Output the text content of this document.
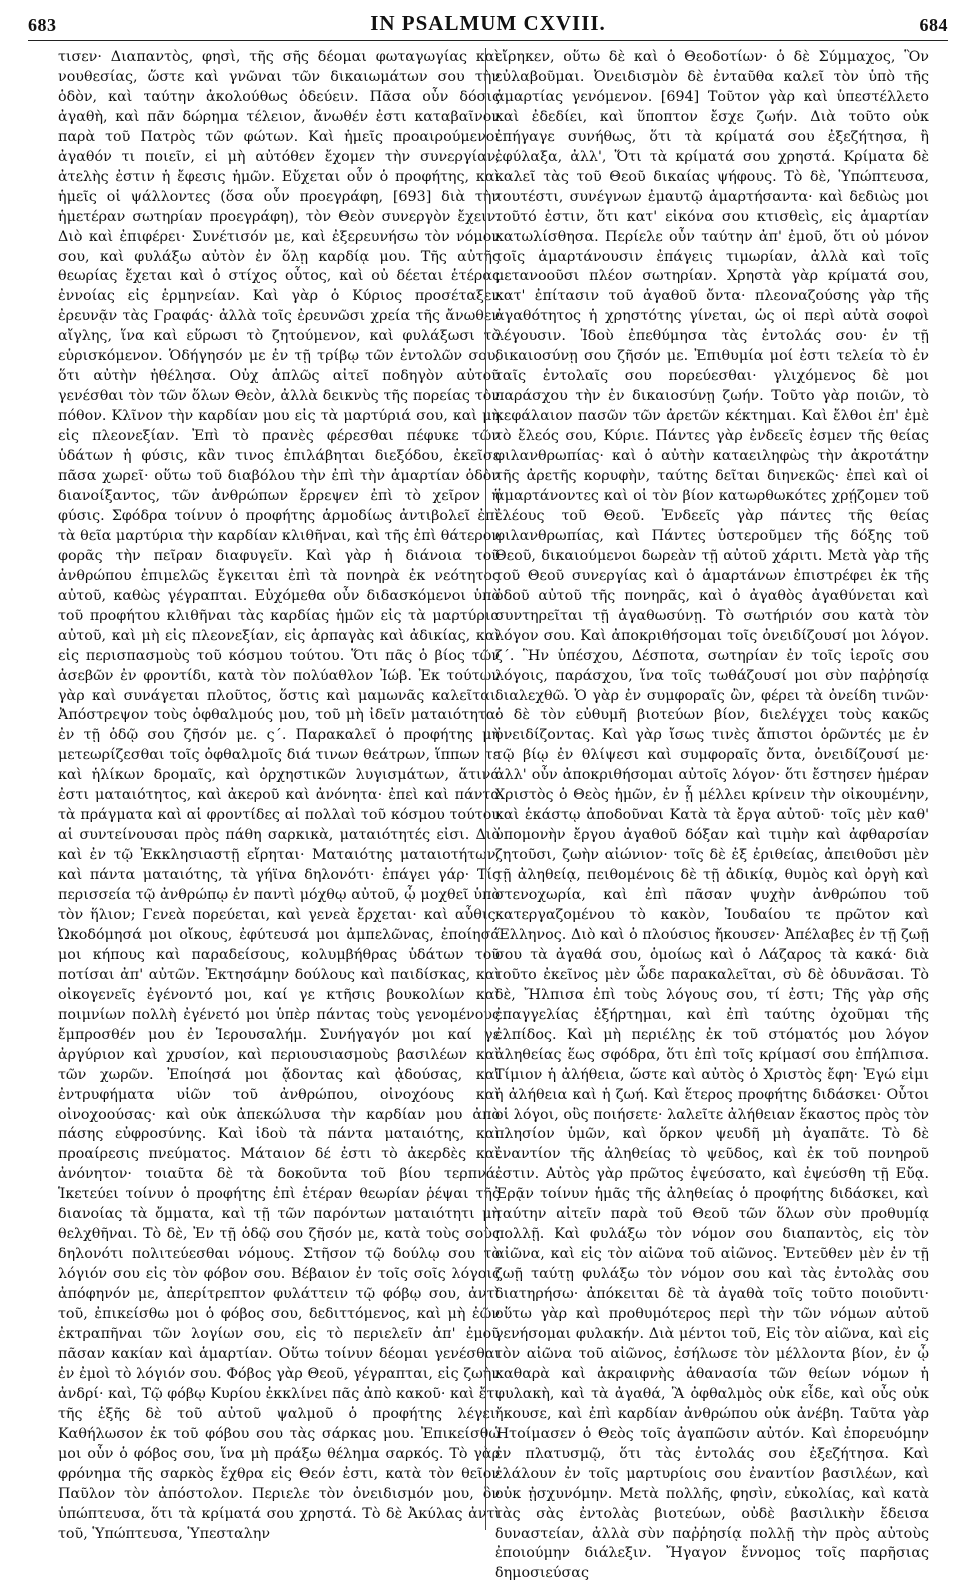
683	IN PSALMUM CXVIII.	684

τισεν· Διαπαντὸς, φησὶ, τῆς σῆς δέομαι φωταγωγίας καὶ νουθεσίας, ὥστε καὶ γνῶναι τῶν δικαιωμάτων σου τὴν ὁδὸν, καὶ ταύτην ἀκολούθως ὁδεύειν. Πᾶσα οὖν δόσις ἀγαθὴ, καὶ πᾶν δώρημα τέλειον, ἄνωθέν ἐστι καταβαῖνον παρὰ τοῦ Πατρὸς τῶν φώτων. Καὶ ἡμεῖς προαιρούμενοι ἀγαθόν τι ποιεῖν, εἰ μὴ αὐτόθεν ἔχομεν τὴν συνεργίαν, ἀτελὴς ἐστιν ἡ ἔφεσις ἡμῶν. Εὔχεται οὖν ὁ προφήτης, καὶ ἡμεῖς οἱ ψάλλοντες (ὅσα οὖν προεγράφη, [693] διὰ τὴν ἡμετέραν σωτηρίαν προεγράφη), τὸν Θεὸν συνεργὸν ἔχειν. Διὸ καὶ ἐπιφέρει· Συνέτισόν με, καὶ ἐξερευνήσω τὸν νόμον σου, καὶ φυλάξω αὐτὸν ἐν ὅλῃ καρδίᾳ μου. Τῆς αὐτῆς θεωρίας ἔχεται καὶ ὁ στίχος οὗτος, καὶ οὐ δέεται ἑτέρας ἐννοίας εἰς ἑρμηνείαν. Καὶ γὰρ ὁ Κύριος προσέταξεν ἐρευνᾷν τὰς Γραφάς· ἀλλὰ τοῖς ἐρευνῶσι χρεία τῆς ἄνωθεν αἴγλης, ἵνα καὶ εὕρωσι τὸ ζητούμενον, καὶ φυλάξωσι τὸ εὑρισκόμενον. Ὁδήγησόν με ἐν τῇ τρίβῳ τῶν ἐντολῶν σου, ὅτι αὐτὴν ἠθέλησα. Οὐχ ἁπλῶς αἰτεῖ ποδηγὸν αὐτοῦ γενέσθαι τὸν τῶν ὅλων Θεὸν, ἀλλὰ δεικνὺς τῆς πορείας τὸν πόθον. Κλῖνον τὴν καρδίαν μου εἰς τὰ μαρτύριά σου, καὶ μὴ εἰς πλεονεξίαν. Ἐπὶ τὸ πρανὲς φέρεσθαι πέφυκε τῶν ὑδάτων ἡ φύσις, κἂν τινος ἐπιλάβηται διεξόδου, ἐκεῖσε πᾶσα χωρεῖ· οὕτω τοῦ διαβόλου τὴν ἐπὶ τὴν ἁμαρτίαν ὁδὸν διανοίξαντος, τῶν ἀνθρώπων ἔρρεψεν ἐπὶ τὸ χεῖρον ἡ φύσις. Σφόδρα τοίνυν ὁ προφήτης ἁρμοδίως ἀντιβολεῖ ἐπὶ τὰ θεῖα μαρτύρια τὴν καρδίαν κλιθῆναι, καὶ τῆς ἐπὶ θάτερον φορᾶς τὴν πεῖραν διαφυγεῖν. Καὶ γὰρ ἡ διάνοια τοῦ ἀνθρώπου ἐπιμελῶς ἔγκειται ἐπὶ τὰ πονηρὰ ἐκ νεότητος αὐτοῦ, καθὼς γέγραπται. Εὐχόμεθα οὖν διδασκόμενοι ὑπὸ τοῦ προφήτου κλιθῆναι τὰς καρδίας ἡμῶν εἰς τὰ μαρτύρια αὐτοῦ, καὶ μὴ εἰς πλεονεξίαν, εἰς ἁρπαγὰς καὶ ἀδικίας, καὶ εἰς περισπασμοὺς τοῦ κόσμου τούτου. Ὅτι πᾶς ὁ βίος τῶν ἀσεβῶν ἐν φροντίδι, κατὰ τὸν πολύαθλον Ἰώβ. Ἐκ τούτων γὰρ καὶ συνάγεται πλοῦτος, ὅστις καὶ μαμωνᾶς καλεῖται. Ἀπόστρεψον τοὺς ὀφθαλμούς μου, τοῦ μὴ ἰδεῖν ματαιότητα· ἐν τῇ ὁδῷ σου ζῆσόν με. ς΄. Παρακαλεῖ ὁ προφήτης μὴ μετεωρίζεσθαι τοῖς ὀφθαλμοῖς διά τινων θεάτρων, ἵππων τε καὶ ἡλίκων δρομαῖς, καὶ ὀρχηστικῶν λυγισμάτων, ἅτινά ἐστι ματαιότητος, καὶ ἀκεροῦ καὶ ἀνόνητα· ἐπεὶ καὶ πάντα τὰ πράγματα καὶ αἱ φροντίδες αἱ πολλαὶ τοῦ κόσμου τούτου αἱ συντείνουσαι πρὸς πάθη σαρκικὰ, ματαιότητές εἰσι. Διὸ καὶ ἐν τῷ Ἐκκλησιαστῇ εἴρηται· Ματαιότης ματαιοτήτων, καὶ πάντα ματαιότης, τὰ γήϊνα δηλονότι· ἐπάγει γάρ· Τίς περισσεία τῷ ἀνθρώπῳ ἐν παντὶ μόχθῳ αὐτοῦ, ᾧ μοχθεῖ ὑπὸ τὸν ἥλιον; Γενεὰ πορεύεται, καὶ γενεὰ ἔρχεται· καὶ αὖθις· Ὠκοδόμησά μοι οἴκους, ἐφύτευσά μοι ἀμπελῶνας, ἐποίησά μοι κήπους καὶ παραδείσους, κολυμβήθρας ὑδάτων τοῦ ποτίσαι ἀπ' αὐτῶν. Ἐκτησάμην δούλους καὶ παιδίσκας, καὶ οἰκογενεῖς ἐγένοντό μοι, καί γε κτῆσις βουκολίων καὶ ποιμνίων πολλὴ ἐγένετό μοι ὑπὲρ πάντας τοὺς γενομένους ἔμπροσθέν μου ἐν Ἱερουσαλήμ. Συνήγαγόν μοι καί γε ἀργύριον καὶ χρυσίον, καὶ περιουσιασμοὺς βασιλέων καὶ τῶν χωρῶν. Ἐποίησά μοι ᾄδοντας καὶ ᾀδούσας, καὶ ἐντρυφήματα υἱῶν τοῦ ἀνθρώπου, οἰνοχόους καὶ οἰνοχοούσας· καὶ οὐκ ἀπεκώλυσα τὴν καρδίαν μου ἀπὸ πάσης εὐφροσύνης. Καὶ ἰδοὺ τὰ πάντα ματαιότης, καὶ προαίρεσις πνεύματος. Μάταιον δέ ἐστι τὸ ἀκερδὲς καὶ ἀνόνητον· τοιαῦτα δὲ τὰ δοκοῦντα τοῦ βίου τερπνά. Ἱκετεύει τοίνυν ὁ προφήτης ἐπὶ ἑτέραν θεωρίαν ῥέψαι τῆς διανοίας τὰ ὄμματα, καὶ τῇ τῶν παρόντων ματαιότητι μὴ θελχθῆναι. Τὸ δὲ, Ἐν τῇ ὁδῷ σου ζῆσόν με, κατὰ τοὺς σοὺς δηλονότι πολιτεύεσθαι νόμους. Στῆσον τῷ δούλῳ σου τὸ λόγιόν σου εἰς τὸν φόβον σου. Βέβαιον ἐν τοῖς σοῖς λόγοις ἀπόφηνόν με, ἀπερίτρεπτον φυλάττειν τῷ φόβῳ σου, ἀντὶ τοῦ, ἐπικείσθω μοι ὁ φόβος σου, δεδιττόμενος, καὶ μὴ ἐῶν ἐκτραπῆναι τῶν λογίων σου, εἰς τὸ περιελεῖν ἀπ' ἐμοῦ πᾶσαν κακίαν καὶ ἁμαρτίαν. Οὕτω τοίνυν δέομαι γενέσθαι ἐν ἐμοὶ τὸ λόγιόν σου. Φόβος γὰρ Θεοῦ, γέγραπται, εἰς ζωὴν ἀνδρί· καὶ, Τῷ φόβῳ Κυρίου ἐκκλίνει πᾶς ἀπὸ κακοῦ· καὶ ἔτι τῆς ἑξῆς δὲ τοῦ αὐτοῦ ψαλμοῦ ὁ προφήτης λέγει· Καθήλωσον ἐκ τοῦ φόβου σου τὰς σάρκας μου. Ἐπικείσθω μοι οὖν ὁ φόβος σου, ἵνα μὴ πράξω θέλημα σαρκός. Τὸ γὰρ φρόνημα τῆς σαρκὸς ἔχθρα εἰς Θεόν ἐστι, κατὰ τὸν θεῖον Παῦλον τὸν ἀπόστολον. Περιελε τὸν ὀνειδισμόν μου, ὃν ὑπώπτευσα, ὅτι τὰ κρίματά σου χρηστά. Τὸ δὲ Ἀκύλας ἀντὶ τοῦ, Ὑπώπτευσα, Ὑπεσταλην

εἴρηκεν, οὕτω δὲ καὶ ὁ Θεοδοτίων· ὁ δὲ Σύμμαχος, Ὃν εὐλαβοῦμαι. Ὀνειδισμὸν δὲ ἐνταῦθα καλεῖ τὸν ὑπὸ τῆς ἁμαρτίας γενόμενον. [694] Τοῦτον γὰρ καὶ ὑπεστέλλετο καὶ ἐδεδίει, καὶ ὕποπτον ἔσχε ζωήν. Διὰ τοῦτο οὐκ ἐπήγαγε συνήθως, ὅτι τὰ κρίματά σου ἐξεζήτησα, ἢ ἐφύλαξα, ἀλλ', Ὅτι τὰ κρίματά σου χρηστά. Κρίματα δὲ καλεῖ τὰς τοῦ Θεοῦ δικαίας ψήφους. Τὸ δὲ, Ὑπώπτευσα, τουτέστι, συνέγνων ἐμαυτῷ ἁμαρτήσαντα· καὶ δεδιὼς μοι τοῦτό ἐστιν, ὅτι κατ' εἰκόνα σου κτισθεὶς, εἰς ἁμαρτίαν κατωλίσθησα. Περίελε οὖν ταύτην ἀπ' ἐμοῦ, ὅτι οὐ μόνον τοῖς ἁμαρτάνουσιν ἐπάγεις τιμωρίαν, ἀλλὰ καὶ τοῖς μετανοοῦσι πλέον σωτηρίαν. Χρηστὰ γὰρ κρίματά σου, κατ' ἐπίτασιν τοῦ ἀγαθοῦ ὄντα· πλεοναζούσης γὰρ τῆς ἀγαθότητος ἡ χρηστότης γίνεται, ὡς οἱ περὶ αὐτὰ σοφοὶ λέγουσιν. Ἰδοὺ ἐπεθύμησα τὰς ἐντολάς σου· ἐν τῇ δικαιοσύνῃ σου ζῆσόν με. Ἐπιθυμία μοί ἐστι τελεία τὸ ἐν ταῖς ἐντολαῖς σου πορεύεσθαι· γλιχόμενος δὲ μοι παράσχου τὴν ἐν δικαιοσύνῃ ζωήν. Τοῦτο γὰρ ποιῶν, τὸ κεφάλαιον πασῶν τῶν ἀρετῶν κέκτημαι. Καὶ ἔλθοι ἐπ' ἐμὲ τὸ ἔλεός σου, Κύριε. Πάντες γὰρ ἐνδεεῖς ἐσμεν τῆς θείας φιλανθρωπίας· καὶ ὁ αὐτὴν καταειληφὼς τὴν ἀκροτάτην τῆς ἀρετῆς κορυφὴν, ταύτης δεῖται διηνεκῶς· ἐπεὶ καὶ οἱ ἁμαρτάνοντες καὶ οἱ τὸν βίον κατωρθωκότες χρῄζομεν τοῦ ἐλέους τοῦ Θεοῦ. Ἐνδεεῖς γὰρ πάντες τῆς θείας φιλανθρωπίας, καὶ Πάντες ὑστεροῦμεν τῆς δόξης τοῦ Θεοῦ, δικαιούμενοι δωρεὰν τῇ αὐτοῦ χάριτι. Μετὰ γὰρ τῆς τοῦ Θεοῦ συνεργίας καὶ ὁ ἁμαρτάνων ἐπιστρέφει ἐκ τῆς ὁδοῦ αὐτοῦ τῆς πονηρᾶς, καὶ ὁ ἀγαθὸς ἀγαθύνεται καὶ συντηρεῖται τῇ ἀγαθωσύνῃ. Τὸ σωτήριόν σου κατὰ τὸν λόγον σου. Καὶ ἀποκριθήσομαι τοῖς ὀνειδίζουσί μοι λόγον. ζ΄. Ἣν ὑπέσχου, Δέσποτα, σωτηρίαν ἐν τοῖς ἱεροῖς σου λόγοις, παράσχου, ἵνα τοῖς τωθάζουσί μοι σὺν παῤῥησίᾳ διαλεχθῶ. Ὁ γὰρ ἐν συμφοραῖς ὢν, φέρει τὰ ὀνείδη τινῶν· ὁ δὲ τὸν εὐθυμῆ βιοτεύων βίον, διελέγχει τοὺς κακῶς ὀνειδίζοντας. Καὶ γὰρ ἴσως τινὲς ἄπιστοι ὁρῶντές με ἐν τῷ βίῳ ἐν θλίψεσι καὶ συμφοραῖς ὄντα, ὀνειδίζουσί με· ἀλλ' οὖν ἀποκριθήσομαι αὐτοῖς λόγον· ὅτι ἔστησεν ἡμέραν Χριστὸς ὁ Θεὸς ἡμῶν, ἐν ᾗ μέλλει κρίνειν τὴν οἰκουμένην, καὶ ἑκάστῳ ἀποδοῦναι Κατὰ τὰ ἔργα αὐτοῦ· τοῖς μὲν καθ' ὑπομονὴν ἔργου ἀγαθοῦ δόξαν καὶ τιμὴν καὶ ἀφθαρσίαν ζητοῦσι, ζωὴν αἰώνιον· τοῖς δὲ ἐξ ἐριθείας, ἀπειθοῦσι μὲν τῇ ἀληθείᾳ, πειθομένοις δὲ τῇ ἀδικίᾳ, θυμὸς καὶ ὀργὴ καὶ στενοχωρία, καὶ ἐπὶ πᾶσαν ψυχὴν ἀνθρώπου τοῦ κατεργαζομένου τὸ κακὸν, Ἰουδαίου τε πρῶτον καὶ Ἕλληνος. Διὸ καὶ ὁ πλούσιος ἤκουσεν· Ἀπέλαβες ἐν τῇ ζωῇ σου τὰ ἀγαθά σου, ὁμοίως καὶ ὁ Λάζαρος τὰ κακά· διὰ τοῦτο ἐκεῖνος μὲν ὧδε παρακαλεῖται, σὺ δὲ ὀδυνᾶσαι. Τὸ δὲ, Ἤλπισα ἐπὶ τοὺς λόγους σου, τί ἐστι; Τῆς γὰρ σῆς ἐπαγγελίας ἐξήρτημαι, καὶ ἐπὶ ταύτης ὀχοῦμαι τῆς ἐλπίδος. Καὶ μὴ περιέλῃς ἐκ τοῦ στόματός μου λόγον ἀληθείας ἕως σφόδρα, ὅτι ἐπὶ τοῖς κρίμασί σου ἐπήλπισα. Τίμιον ἡ ἀλήθεια, ὥστε καὶ αὐτὸς ὁ Χριστὸς ἔφη· Ἐγώ εἰμι ἡ ἀλήθεια καὶ ἡ ζωή. Καὶ ἕτερος προφήτης διδάσκει· Οὗτοι οἱ λόγοι, οὓς ποιήσετε· λαλεῖτε ἀλήθειαν ἕκαστος πρὸς τὸν πλησίον ὑμῶν, καὶ ὅρκον ψευδῆ μὴ ἀγαπᾶτε. Τὸ δὲ ἐναντίον τῆς ἀληθείας τὸ ψεῦδος, καὶ ἐκ τοῦ πονηροῦ ἐστιν. Αὐτὸς γὰρ πρῶτος ἐψεύσατο, καὶ ἐψεύσθη τῇ Εὔᾳ. Ἐρᾷν τοίνυν ἡμᾶς τῆς ἀληθείας ὁ προφήτης διδάσκει, καὶ ταύτην αἰτεῖν παρὰ τοῦ Θεοῦ τῶν ὅλων σὺν προθυμίᾳ πολλῇ. Καὶ φυλάξω τὸν νόμον σου διαπαντὸς, εἰς τὸν αἰῶνα, καὶ εἰς τὸν αἰῶνα τοῦ αἰῶνος. Ἐντεῦθεν μὲν ἐν τῇ ζωῇ ταύτῃ φυλάξω τὸν νόμον σου καὶ τὰς ἐντολὰς σου διατηρήσω· ἀπόκειται δὲ τὰ ἀγαθὰ τοῖς τοῦτο ποιοῦντι· οὕτω γὰρ καὶ προθυμότερος περὶ τὴν τῶν νόμων αὐτοῦ γενήσομαι φυλακήν. Διὰ μέντοι τοῦ, Εἰς τὸν αἰῶνα, καὶ εἰς τὸν αἰῶνα τοῦ αἰῶνος, ἐσήλωσε τὸν μέλλοντα βίον, ἐν ᾧ καθαρὰ καὶ ἀκραιφνὴς ἀθανασία τῶν θείων νόμων ἡ φυλακὴ, καὶ τὰ ἀγαθά, Ἃ ὀφθαλμὸς οὐκ εἶδε, καὶ οὖς οὐκ ἤκουσε, καὶ ἐπὶ καρδίαν ἀνθρώπου οὐκ ἀνέβη. Ταῦτα γὰρ Ἡτοίμασεν ὁ Θεὸς τοῖς ἀγαπῶσιν αὐτόν. Καὶ ἐπορευόμην ἐν πλατυσμῷ, ὅτι τὰς ἐντολάς σου ἐξεζήτησα. Καὶ ἐλάλουν ἐν τοῖς μαρτυρίοις σου ἐναντίον βασιλέων, καὶ οὐκ ᾐσχυνόμην. Μετὰ πολλῆς, φησὶν, εὐκολίας, καὶ κατὰ τὰς σὰς ἐντολὰς βιοτεύων, οὐδὲ βασιλικὴν ἔδεισα δυναστείαν, ἀλλὰ σὺν παῤῥησίᾳ πολλῇ τὴν πρὸς αὐτοὺς ἐποιούμην διάλεξιν. Ἤγαγον ἔννομος τοῖς παρῆσιας δημοσιεύσας
